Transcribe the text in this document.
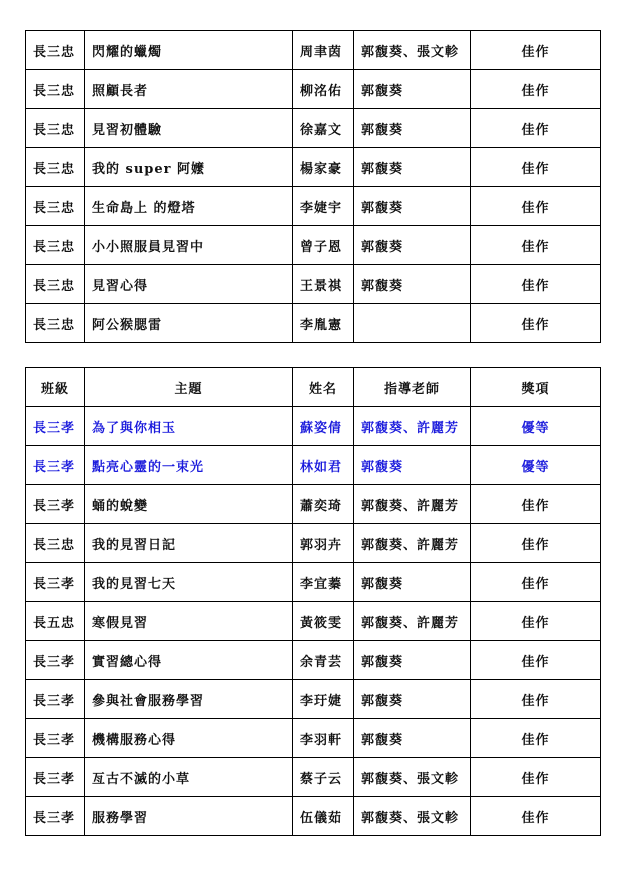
長三忠	閃耀的蠟燭	周聿茵	郭馥葵、張文軫	佳作
長三忠	照顧長者	柳洺佑	郭馥葵	佳作
長三忠	見習初體驗	徐嘉文	郭馥葵	佳作
長三忠	我的 super 阿嬤	楊家豪	郭馥葵	佳作
長三忠	生命島上 的燈塔	李婕宇	郭馥葵	佳作
長三忠	小小照服員見習中	曾子恩	郭馥葵	佳作
長三忠	見習心得	王景祺	郭馥葵	佳作
長三忠	阿公猴腮雷	李胤憲		佳作
班級	主題	姓名	指導老師	獎項
長三孝	為了與你相玉	蘇姿倩	郭馥葵、許麗芳	優等
長三孝	點亮心靈的一束光	林如君	郭馥葵	優等
長三孝	蛹的蛻變	蕭奕琦	郭馥葵、許麗芳	佳作
長三忠	我的見習日記	郭羽卉	郭馥葵、許麗芳	佳作
長三孝	我的見習七天	李宜蓁	郭馥葵	佳作
長五忠	寒假見習	黃筱雯	郭馥葵、許麗芳	佳作
長三孝	實習總心得	余青芸	郭馥葵	佳作
長三孝	參與社會服務學習	李玗婕	郭馥葵	佳作
長三孝	機構服務心得	李羽軒	郭馥葵	佳作
長三孝	亙古不滅的小草	蔡子云	郭馥葵、張文軫	佳作
長三孝	服務學習	伍儀茹	郭馥葵、張文軫	佳作
